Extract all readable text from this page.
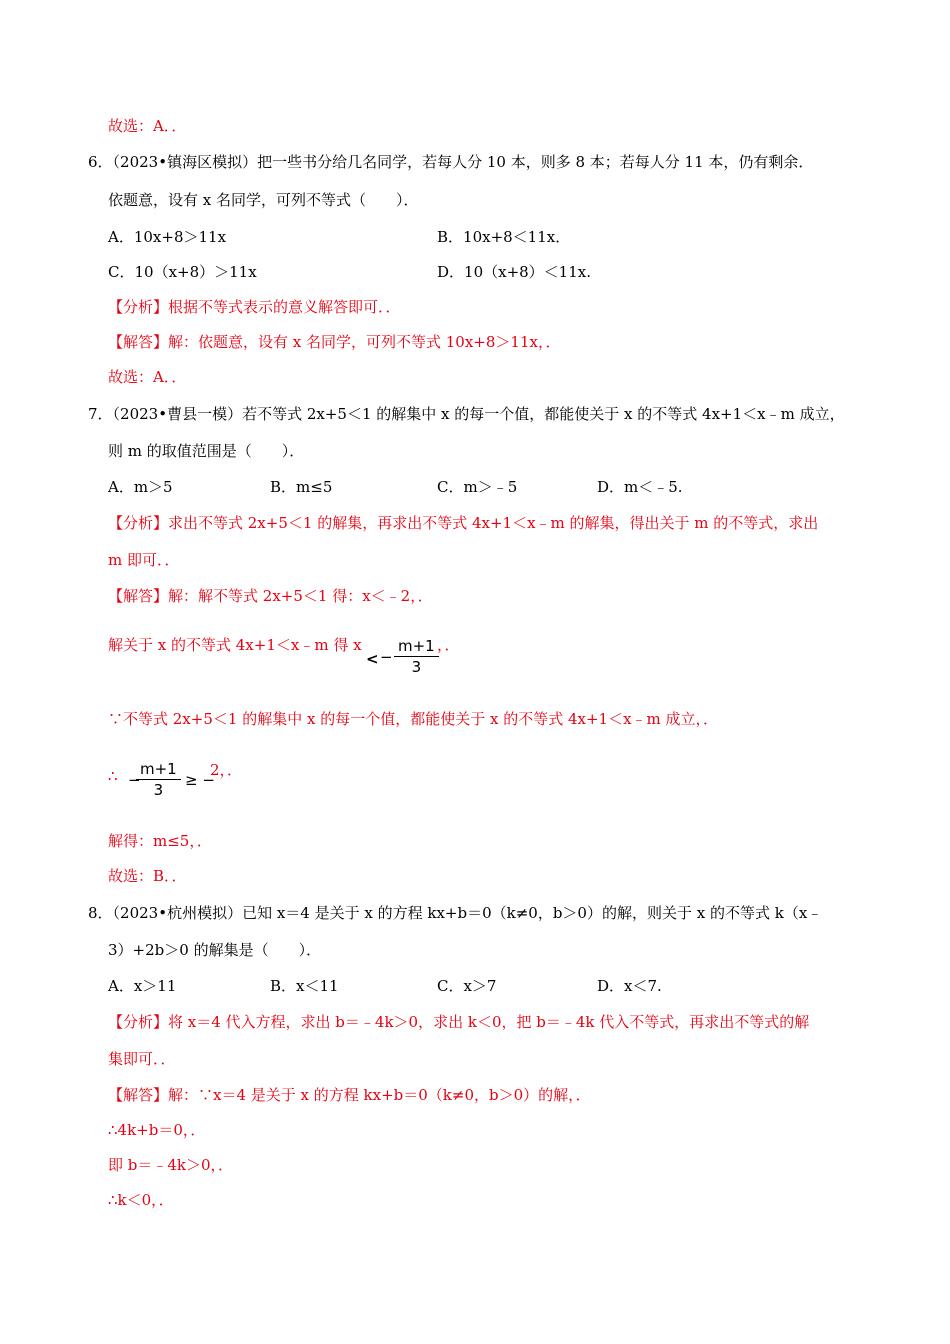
故选：A．．
6．（2023•镇海区模拟）把一些书分给几名同学，若每人分 10 本，则多 8 本；若每人分 11 本，仍有剩余．
依题意，设有 x 名同学，可列不等式（　　）．
A．10x+8＞11x	B．10x+8＜11x．
C．10（x+8）＞11x	D．10（x+8）＜11x.
【分析】根据不等式表示的意义解答即可．．
【解答】解：依题意，设有 x 名同学，可列不等式 10x+8＞11x，．
故选：A．．
7．（2023•曹县一模）若不等式 2x+5＜1 的解集中 x 的每一个值，都能使关于 x 的不等式 4x+1＜x﹣m 成立，
则 m 的取值范围是（　　）．
A．m＞5	B．m≤5	C．m＞﹣5	D．m＜﹣5.
【分析】求出不等式 2x+5＜1 的解集，再求出不等式 4x+1＜x﹣m 的解集，得出关于 m 的不等式，求出
m 即可．．
【解答】解：解不等式 2x+5＜1 得：x＜﹣2，．
解关于 x 的不等式 4x+1＜x﹣m 得 x
< − $\frac{m+1}{3}$
，．
∵不等式 2x+5＜1 的解集中 x 的每一个值，都能使关于 x 的不等式 4x+1＜x﹣m 成立，．
∴ −
$\frac{m+1}{3}$ ≥ −
2，．
解得：m≤5，．
故选：B．．
8．（2023•杭州模拟）已知 x＝4 是关于 x 的方程 kx+b＝0（k≠0，b＞0）的解，则关于 x 的不等式 k（x﹣
3）+2b＞0 的解集是（　　）．
A．x＞11	B．x＜11	C．x＞7	D．x＜7.
【分析】将 x＝4 代入方程，求出 b＝﹣4k＞0，求出 k＜0，把 b＝﹣4k 代入不等式，再求出不等式的解
集即可．．
【解答】解：∵x＝4 是关于 x 的方程 kx+b＝0（k≠0，b＞0）的解，．
∴4k+b＝0，．
即 b＝﹣4k＞0，．
∴k＜0，．
